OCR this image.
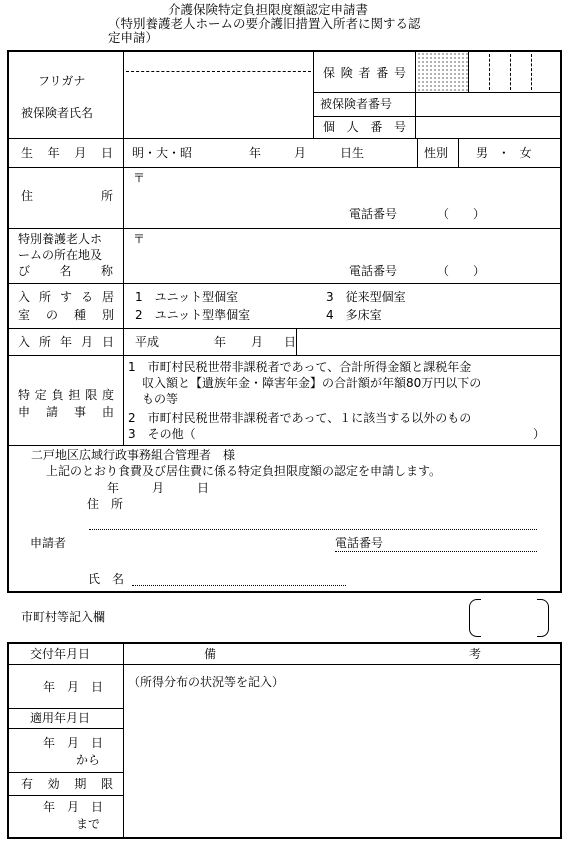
介護保険特定負担限度額認定申請書
（特別養護老人ホームの要介護旧措置入所者に関する認
定申請）
フリガナ
被保険者氏名
保険者番号
被保険者番号
個人番号
生年月日 明・大・昭	年	月	日生	性別 男 ・ 女
住	所
〒
電話番号	（　　）
特別養護老人ホ
ームの所在地及
び名称
〒
電話番号	（　　）
入所する居
室の種別
1　ユニット型個室
2　ユニット型準個室
3　従来型個室
4　多床室
入所年月日 平成	年 月 日
特定負担限度
申請事由
1　市町村民税世帯非課税者であって、合計所得金額と課税年金
収入額と【遺族年金・障害年金】の合計額が年額80万円以下の
もの等
2　市町村民税世帯非課税者であって、１に該当する以外のもの
3　その他（	）
二戸地区広域行政事務組合管理者　様
上記のとおり食費及び居住費に係る特定負担限度額の認定を申請します。
年	月	日
住　所
申請者	電話番号
氏　名
市町村等記入欄
交付年月日	備	考
（所得分布の状況等を記入）
年　月　日
適用年月日
年　月　日
から
有効期限
年　月　日
まで
